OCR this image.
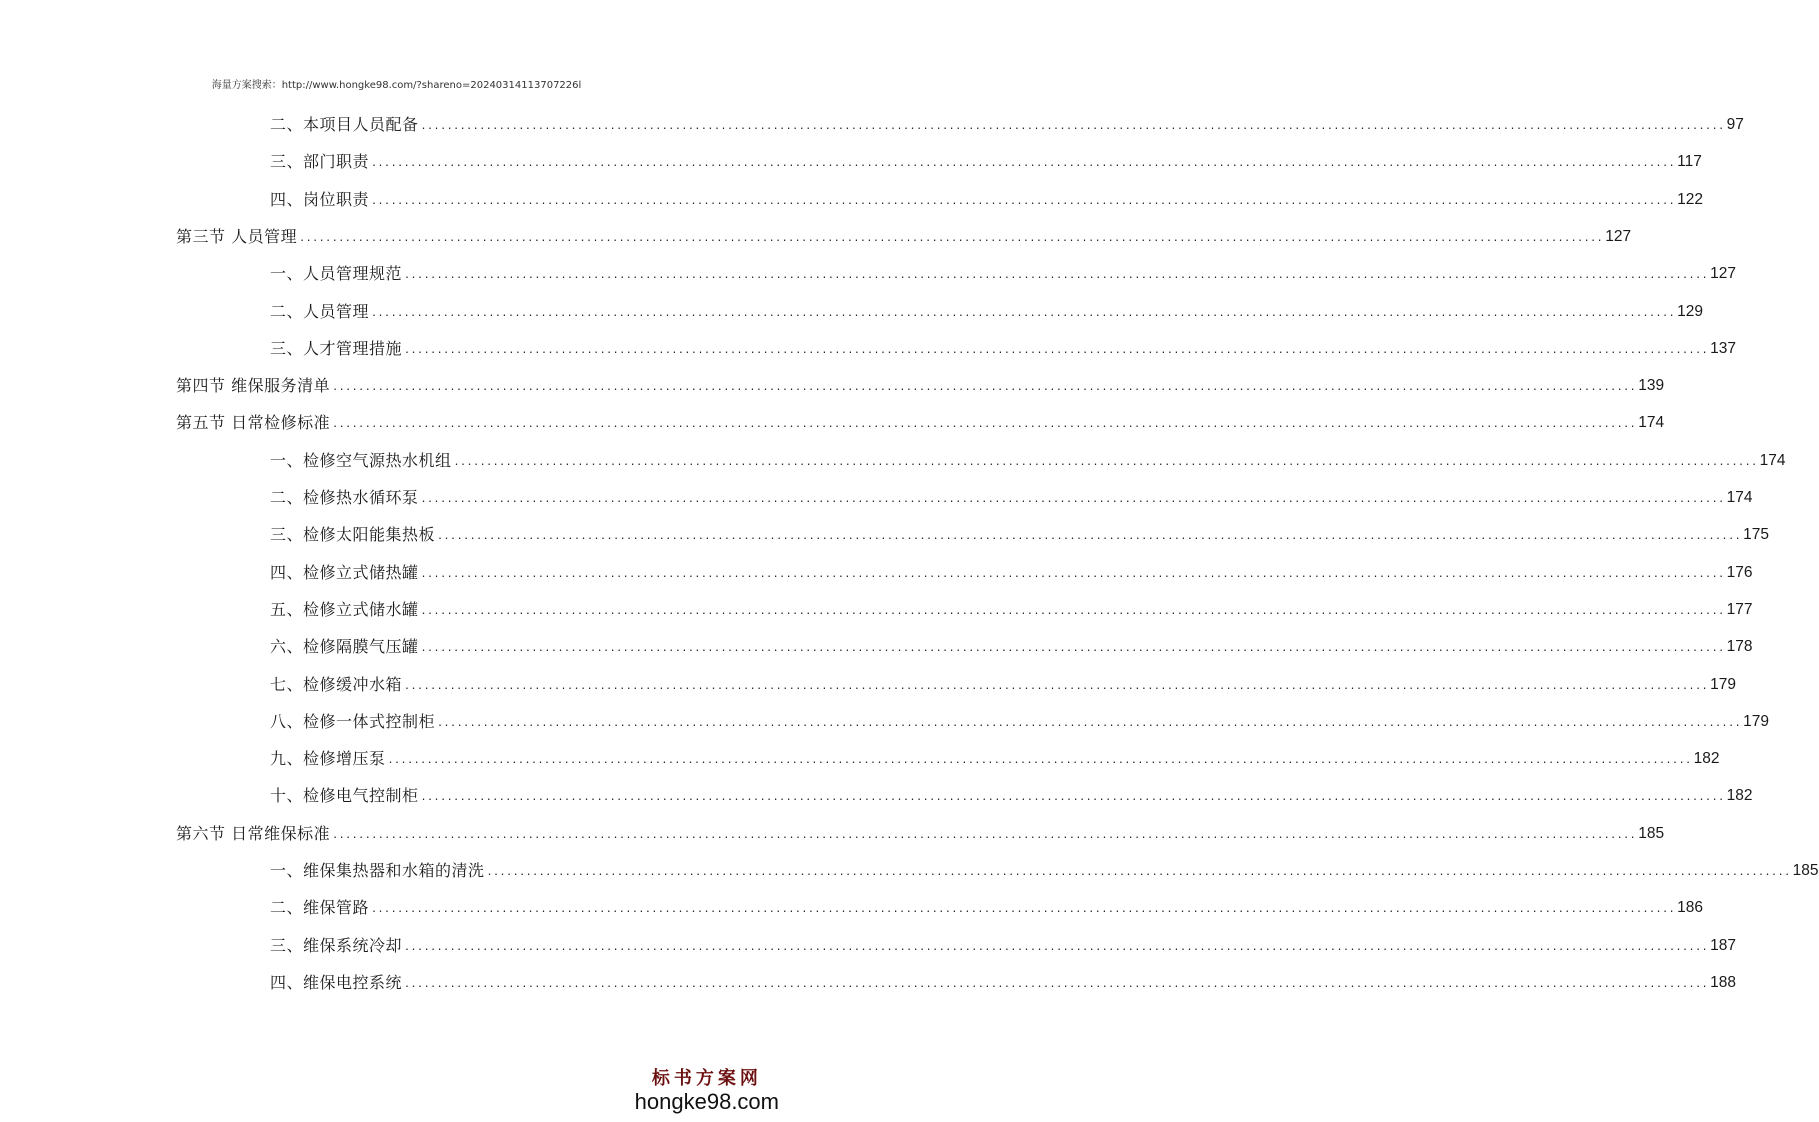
海量方案搜索：http://www.hongke98.com/?shareno=20240314113707226l
二、本项目人员配备 ........................................................................................................................................................................................................ 97
三、部门职责 ........................................................................................................................................................................................................ 117
四、岗位职责 ........................................................................................................................................................................................................ 122
第三节 人员管理 ........................................................................................................................................................................................................ 127
一、人员管理规范 ........................................................................................................................................................................................................ 127
二、人员管理 ........................................................................................................................................................................................................ 129
三、人才管理措施 ........................................................................................................................................................................................................ 137
第四节 维保服务清单 ........................................................................................................................................................................................................ 139
第五节 日常检修标准 ........................................................................................................................................................................................................ 174
一、检修空气源热水机组 ........................................................................................................................................................................................................ 174
二、检修热水循环泵 ........................................................................................................................................................................................................ 174
三、检修太阳能集热板 ........................................................................................................................................................................................................ 175
四、检修立式储热罐 ........................................................................................................................................................................................................ 176
五、检修立式储水罐 ........................................................................................................................................................................................................ 177
六、检修隔膜气压罐 ........................................................................................................................................................................................................ 178
七、检修缓冲水箱 ........................................................................................................................................................................................................ 179
八、检修一体式控制柜 ........................................................................................................................................................................................................ 179
九、检修增压泵 ........................................................................................................................................................................................................ 182
十、检修电气控制柜 ........................................................................................................................................................................................................ 182
第六节 日常维保标准 ........................................................................................................................................................................................................ 185
一、维保集热器和水箱的清洗 ........................................................................................................................................................................................................ 185
二、维保管路 ........................................................................................................................................................................................................ 186
三、维保系统冷却 ........................................................................................................................................................................................................ 187
四、维保电控系统 ........................................................................................................................................................................................................ 188
标书方案网
hongke98.com
